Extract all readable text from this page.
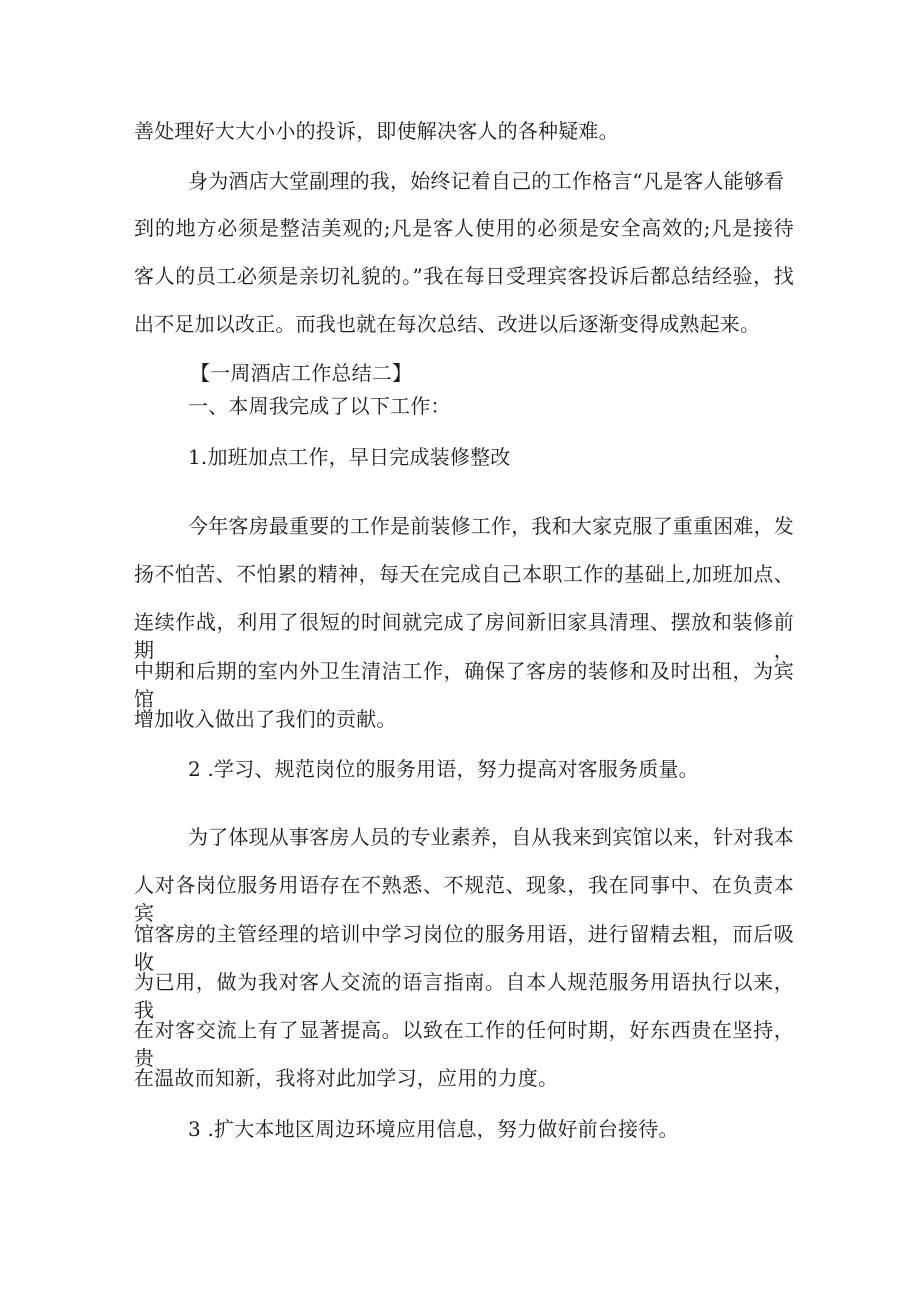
善处理好大大小小的投诉，即使解决客人的各种疑难。
身为酒店大堂副理的我，始终记着自己的工作格言“凡是客人能够看
到的地方必须是整洁美观的;凡是客人使用的必须是安全高效的;凡是接待
客人的员工必须是亲切礼貌的。”我在每日受理宾客投诉后都总结经验，找
出不足加以改正。而我也就在每次总结、改进以后逐渐变得成熟起来。
【一周酒店工作总结二】
一、本周我完成了以下工作：
1.加班加点工作，早日完成装修整改
今年客房最重要的工作是前装修工作，我和大家克服了重重困难，发
扬不怕苦、不怕累的精神，每天在完成自己本职工作的基础上,加班加点、
连续作战，利用了很短的时间就完成了房间新旧家具清理、摆放和装修前期，
中期和后期的室内外卫生清洁工作，确保了客房的装修和及时出租，为宾馆
增加收入做出了我们的贡献。
2 .学习、规范岗位的服务用语，努力提高对客服务质量。
为了体现从事客房人员的专业素养，自从我来到宾馆以来，针对我本
人对各岗位服务用语存在不熟悉、不规范、现象，我在同事中、在负责本宾
馆客房的主管经理的培训中学习岗位的服务用语，进行留精去粗，而后吸收
为已用，做为我对客人交流的语言指南。自本人规范服务用语执行以来，我
在对客交流上有了显著提高。以致在工作的任何时期，好东西贵在坚持，贵
在温故而知新，我将对此加学习，应用的力度。
3 .扩大本地区周边环境应用信息，努力做好前台接待。
